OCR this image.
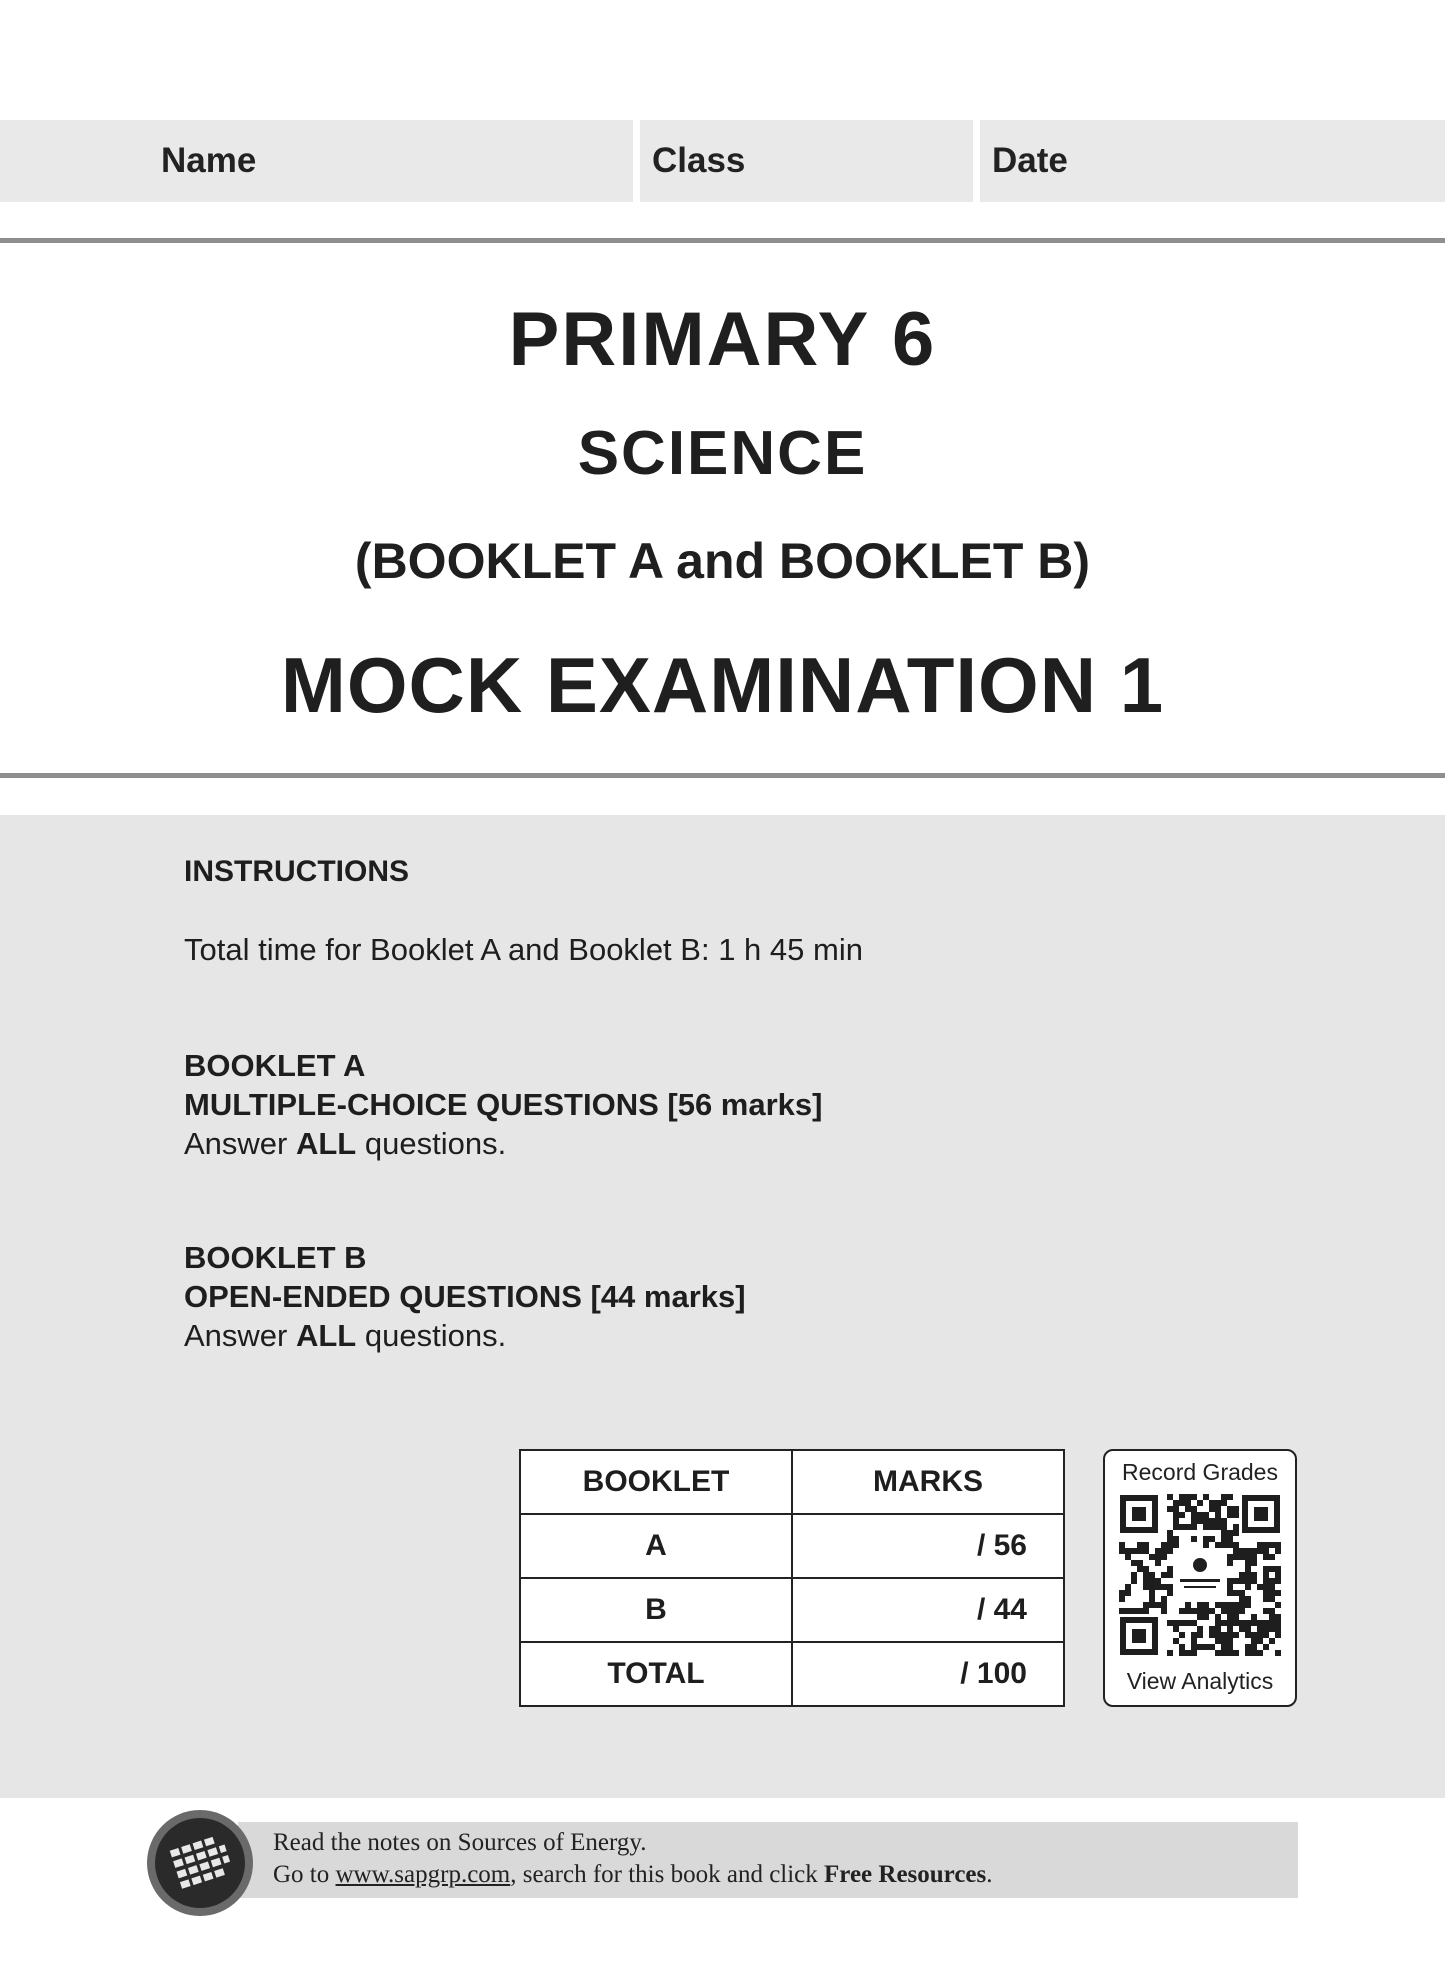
Name	Class	Date
PRIMARY 6
SCIENCE
(BOOKLET A and BOOKLET B)
MOCK EXAMINATION 1
INSTRUCTIONS
Total time for Booklet A and Booklet B: 1 h 45 min
BOOKLET A
MULTIPLE-CHOICE QUESTIONS [56 marks]
Answer ALL questions.
BOOKLET B
OPEN-ENDED QUESTIONS [44 marks]
Answer ALL questions.
BOOKLET	MARKS
A	/ 56
B	/ 44
TOTAL	/ 100
Record Grades
View Analytics
Read the notes on Sources of Energy.
Go to www.sapgrp.com, search for this book and click Free Resources.
